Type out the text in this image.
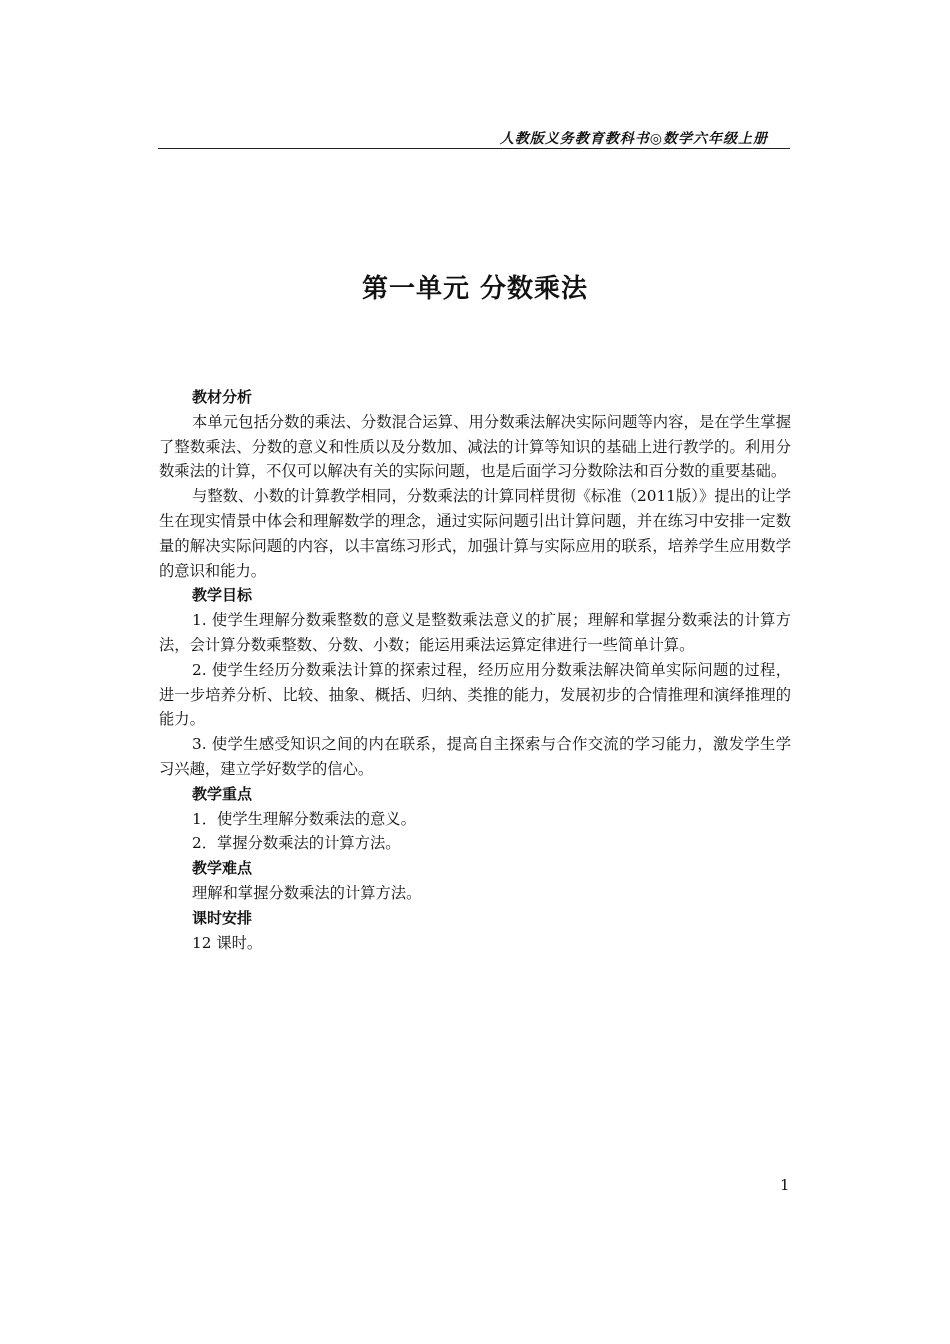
人教版义务教育教科书◎数学六年级上册
第一单元 分数乘法

教材分析

本单元包括分数的乘法、分数混合运算、用分数乘法解决实际问题等内容，是在学生掌握了整数乘法、分数的意义和性质以及分数加、减法的计算等知识的基础上进行教学的。利用分数乘法的计算，不仅可以解决有关的实际问题，也是后面学习分数除法和百分数的重要基础。

与整数、小数的计算教学相同，分数乘法的计算同样贯彻《标准（2011版）》提出的让学生在现实情景中体会和理解数学的理念，通过实际问题引出计算问题，并在练习中安排一定数量的解决实际问题的内容，以丰富练习形式，加强计算与实际应用的联系，培养学生应用数学的意识和能力。

教学目标

1. 使学生理解分数乘整数的意义是整数乘法意义的扩展；理解和掌握分数乘法的计算方法，会计算分数乘整数、分数、小数；能运用乘法运算定律进行一些简单计算。

2. 使学生经历分数乘法计算的探索过程，经历应用分数乘法解决简单实际问题的过程，进一步培养分析、比较、抽象、概括、归纳、类推的能力，发展初步的合情推理和演绎推理的能力。

3. 使学生感受知识之间的内在联系，提高自主探索与合作交流的学习能力，激发学生学习兴趣，建立学好数学的信心。

教学重点

1．使学生理解分数乘法的意义。

2．掌握分数乘法的计算方法。

教学难点

理解和掌握分数乘法的计算方法。

课时安排

12 课时。

1
